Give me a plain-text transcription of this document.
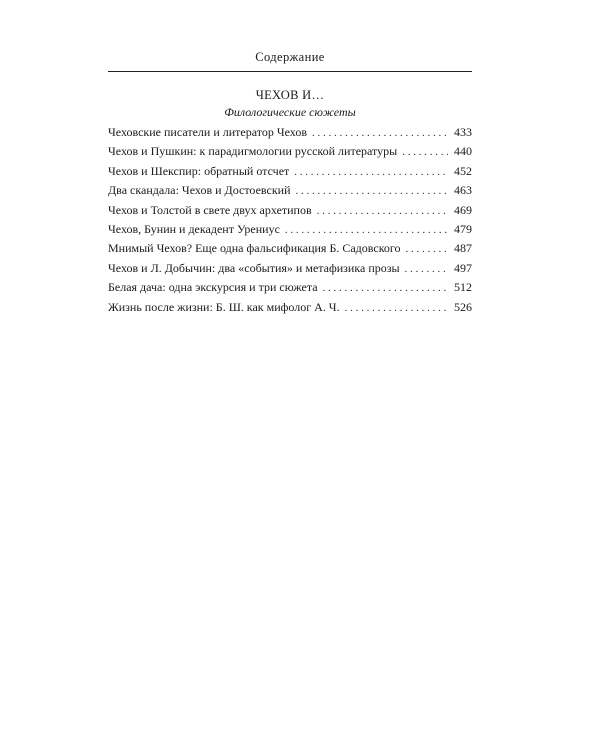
Содержание
ЧЕХОВ И…
Филологические сюжеты
Чеховские писатели и литератор Чехов . . .	433
Чехов и Пушкин: к парадигмологии русской литературы . . .	440
Чехов и Шекспир: обратный отсчет . . .	452
Два скандала: Чехов и Достоевский . . .	463
Чехов и Толстой в свете двух архетипов . . .	469
Чехов, Бунин и декадент Урениус . . .	479
Мнимый Чехов? Еще одна фальсификация Б. Садовского . . .	487
Чехов и Л. Добычин: два «события» и метафизика прозы . . .	497
Белая дача: одна экскурсия и три сюжета . . .	512
Жизнь после жизни: Б. Ш. как мифолог А. Ч. . . .	526
